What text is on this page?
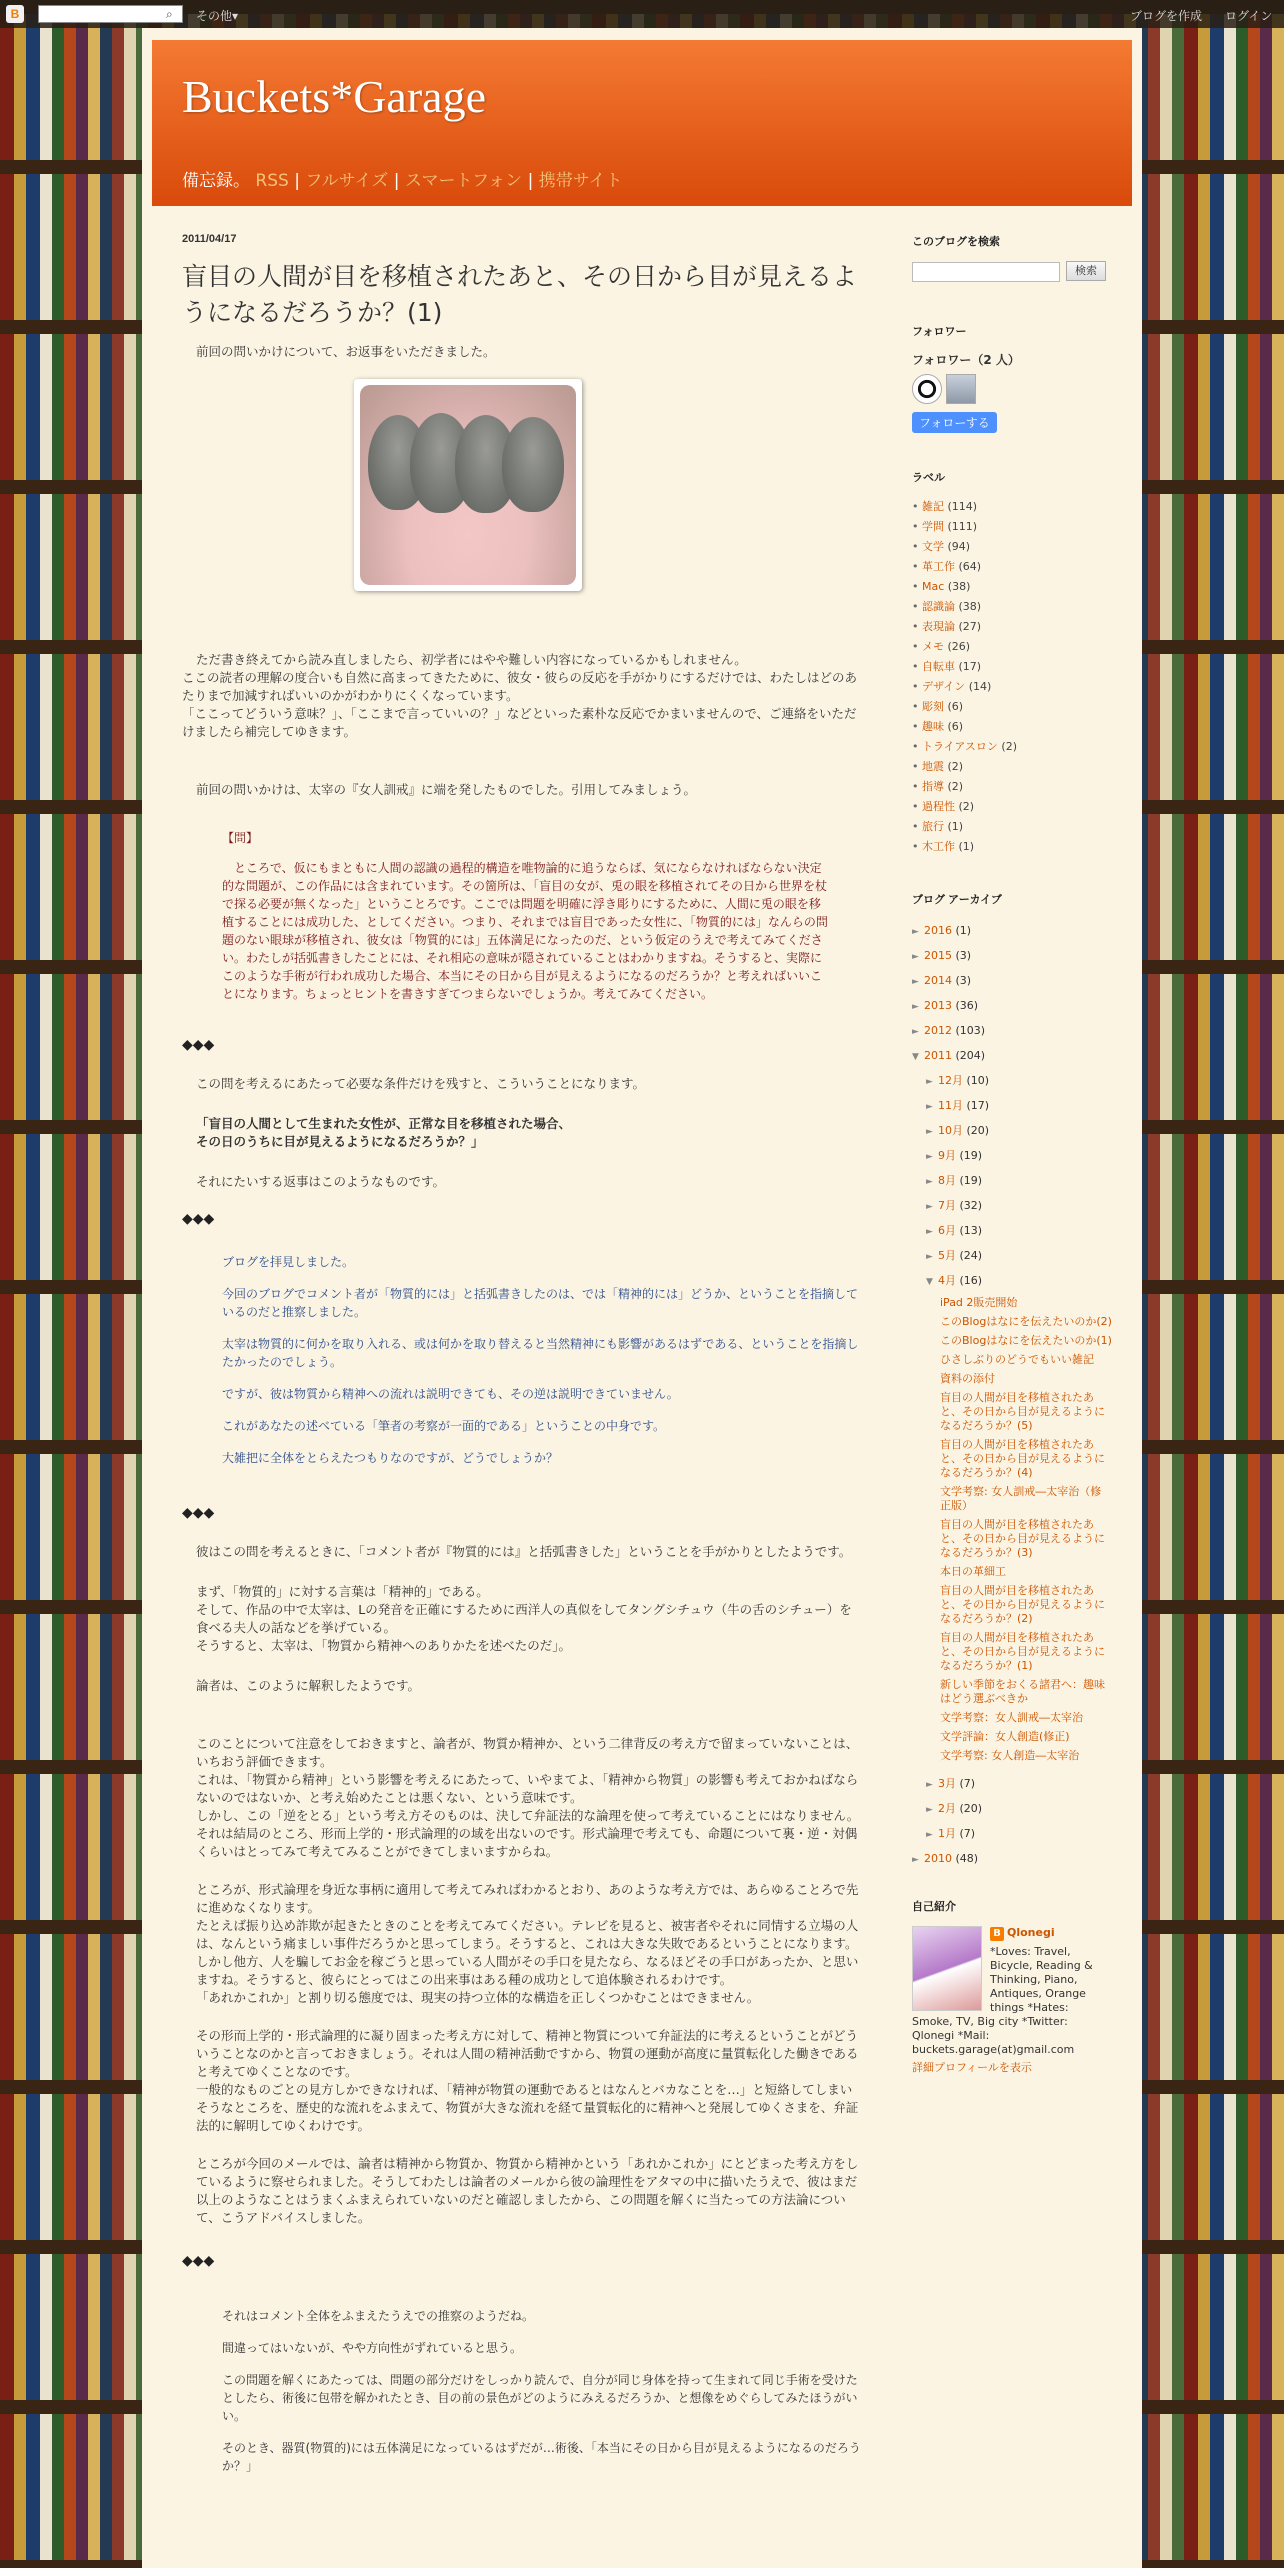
B	⌕	その他▾	ブログを作成 ログイン
Buckets*Garage
備忘録。 RSS | フルサイズ | スマートフォン | 携帯サイト
2011/04/17
盲目の人間が目を移植されたあと、その日から目が見えるようになるだろうか？(1)
前回の問いかけについて、お返事をいただきました。
ただ書き終えてから読み直しましたら、初学者にはやや難しい内容になっているかもしれません。
ここの読者の理解の度合いも自然に高まってきたために、彼女・彼らの反応を手がかりにするだけでは、わたしはどのあたりまで加減すればいいのかがわかりにくくなっています。
「ここってどういう意味？」、「ここまで言っていいの？」などといった素朴な反応でかまいませんので、ご連絡をいただけましたら補完してゆきます。
前回の問いかけは、太宰の『女人訓戒』に端を発したものでした。引用してみましょう。
【問】
ところで、仮にもまともに人間の認識の過程的構造を唯物論的に追うならば、気にならなければならない決定的な問題が、この作品には含まれています。その箇所は、「盲目の女が、兎の眼を移植されてその日から世界を杖で探る必要が無くなった」ということろです。ここでは問題を明確に浮き彫りにするために、人間に兎の眼を移植することには成功した、としてください。つまり、それまでは盲目であった女性に、「物質的には」なんらの問題のない眼球が移植され、彼女は「物質的には」五体満足になったのだ、という仮定のうえで考えてみてください。わたしが括弧書きしたことには、それ相応の意味が隠されていることはわかりますね。そうすると、実際にこのような手術が行われ成功した場合、本当にその日から目が見えるようになるのだろうか？と考えればいいことになります。ちょっとヒントを書きすぎてつまらないでしょうか。考えてみてください。
◆◆◆
この問を考えるにあたって必要な条件だけを残すと、こういうことになります。
「盲目の人間として生まれた女性が、正常な目を移植された場合、
その日のうちに目が見えるようになるだろうか？」
それにたいする返事はこのようなものです。
◆◆◆
ブログを拝見しました。
今回のブログでコメント者が「物質的には」と括弧書きしたのは、では「精神的には」どうか、ということを指摘しているのだと推察しました。
太宰は物質的に何かを取り入れる、或は何かを取り替えると当然精神にも影響があるはずである、ということを指摘したかったのでしょう。
ですが、彼は物質から精神への流れは説明できても、その逆は説明できていません。
これがあなたの述べている「筆者の考察が一面的である」ということの中身です。
大雑把に全体をとらえたつもりなのですが、どうでしょうか？
◆◆◆
彼はこの問を考えるときに、「コメント者が『物質的には』と括弧書きした」ということを手がかりとしたようです。
まず、「物質的」に対する言葉は「精神的」である。
そして、作品の中で太宰は、Lの発音を正確にするために西洋人の真似をしてタングシチュウ（牛の舌のシチュー）を食べる夫人の話などを挙げている。
そうすると、太宰は、「物質から精神へのありかたを述べたのだ」。
論者は、このように解釈したようです。
このことについて注意をしておきますと、論者が、物質か精神か、という二律背反の考え方で留まっていないことは、いちおう評価できます。
これは、「物質から精神」という影響を考えるにあたって、いやまてよ、「精神から物質」の影響も考えておかねばならないのではないか、と考え始めたことは悪くない、という意味です。
しかし、この「逆をとる」という考え方そのものは、決して弁証法的な論理を使って考えていることにはなりません。それは結局のところ、形而上学的・形式論理的の域を出ないのです。形式論理で考えても、命題について裏・逆・対偶くらいはとってみて考えてみることができてしまいますからね。
ところが、形式論理を身近な事柄に適用して考えてみればわかるとおり、あのような考え方では、あらゆることろで先に進めなくなります。
たとえば振り込め詐欺が起きたときのことを考えてみてください。テレビを見ると、被害者やそれに同情する立場の人は、なんという痛ましい事件だろうかと思ってしまう。そうすると、これは大きな失敗であるということになります。しかし他方、人を騙してお金を稼ごうと思っている人間がその手口を見たなら、なるほどその手口があったか、と思いますね。そうすると、彼らにとってはこの出来事はある種の成功として追体験されるわけです。
「あれかこれか」と割り切る態度では、現実の持つ立体的な構造を正しくつかむことはできません。
その形而上学的・形式論理的に凝り固まった考え方に対して、精神と物質について弁証法的に考えるということがどういうことなのかと言っておきましょう。それは人間の精神活動ですから、物質の運動が高度に量質転化した働きであると考えてゆくことなのです。
一般的なものごとの見方しかできなければ、「精神が物質の運動であるとはなんとバカなことを…」と短絡してしまいそうなところを、歴史的な流れをふまえて、物質が大きな流れを経て量質転化的に精神へと発展してゆくさまを、弁証法的に解明してゆくわけです。
ところが今回のメールでは、論者は精神から物質か、物質から精神かという「あれかこれか」にとどまった考え方をしているように察せられました。そうしてわたしは論者のメールから彼の論理性をアタマの中に描いたうえで、彼はまだ以上のようなことはうまくふまえられていないのだと確認しましたから、この問題を解くに当たっての方法論について、こうアドバイスしました。
◆◆◆
それはコメント全体をふまえたうえでの推察のようだね。
間違ってはいないが、やや方向性がずれていると思う。
この問題を解くにあたっては、問題の部分だけをしっかり読んで、自分が同じ身体を持って生まれて同じ手術を受けたとしたら、術後に包帯を解かれたとき、目の前の景色がどのようにみえるだろうか、と想像をめぐらしてみたほうがいい。
そのとき、器質(物質的)には五体満足になっているはずだが…術後、「本当にその日から目が見えるようになるのだろうか？」
このブログを検索
検索
フォロワー
フォロワー（2 人）
フォローする
ラベル
• 雑記 (114)
• 学問 (111)
• 文学 (94)
• 革工作 (64)
• Mac (38)
• 認識論 (38)
• 表現論 (27)
• メモ (26)
• 自転車 (17)
• デザイン (14)
• 彫刻 (6)
• 趣味 (6)
• トライアスロン (2)
• 地震 (2)
• 指導 (2)
• 過程性 (2)
• 旅行 (1)
• 木工作 (1)
ブログ アーカイブ
► 2016 (1)
► 2015 (3)
► 2014 (3)
► 2013 (36)
► 2012 (103)
▼ 2011 (204)
► 12月 (10)
► 11月 (17)
► 10月 (20)
► 9月 (19)
► 8月 (19)
► 7月 (32)
► 6月 (13)
► 5月 (24)
▼ 4月 (16)
iPad 2販売開始
このBlogはなにを伝えたいのか(2)
このBlogはなにを伝えたいのか(1)
ひさしぶりのどうでもいい雑記
資料の添付
盲目の人間が目を移植されたあと、その日から目が見えるようになるだろうか？(5)
盲目の人間が目を移植されたあと、その日から目が見えるようになるだろうか？(4)
文学考察: 女人訓戒―太宰治（修正版）
盲目の人間が目を移植されたあと、その日から目が見えるようになるだろうか？(3)
本日の革細工
盲目の人間が目を移植されたあと、その日から目が見えるようになるだろうか？(2)
盲目の人間が目を移植されたあと、その日から目が見えるようになるだろうか？(1)
新しい季節をおくる諸君へ：趣味はどう選ぶべきか
文学考察：女人訓戒―太宰治
文学評論：女人創造(修正)
文学考察: 女人創造―太宰治
► 3月 (7)
► 2月 (20)
► 1月 (7)
► 2010 (48)
自己紹介
B Qlonegi
*Loves: Travel, Bicycle, Reading & Thinking, Piano, Antiques, Orange things *Hates: Smoke, TV, Big city *Twitter: Qlonegi *Mail: buckets.garage(at)gmail.com
詳細プロフィールを表示
